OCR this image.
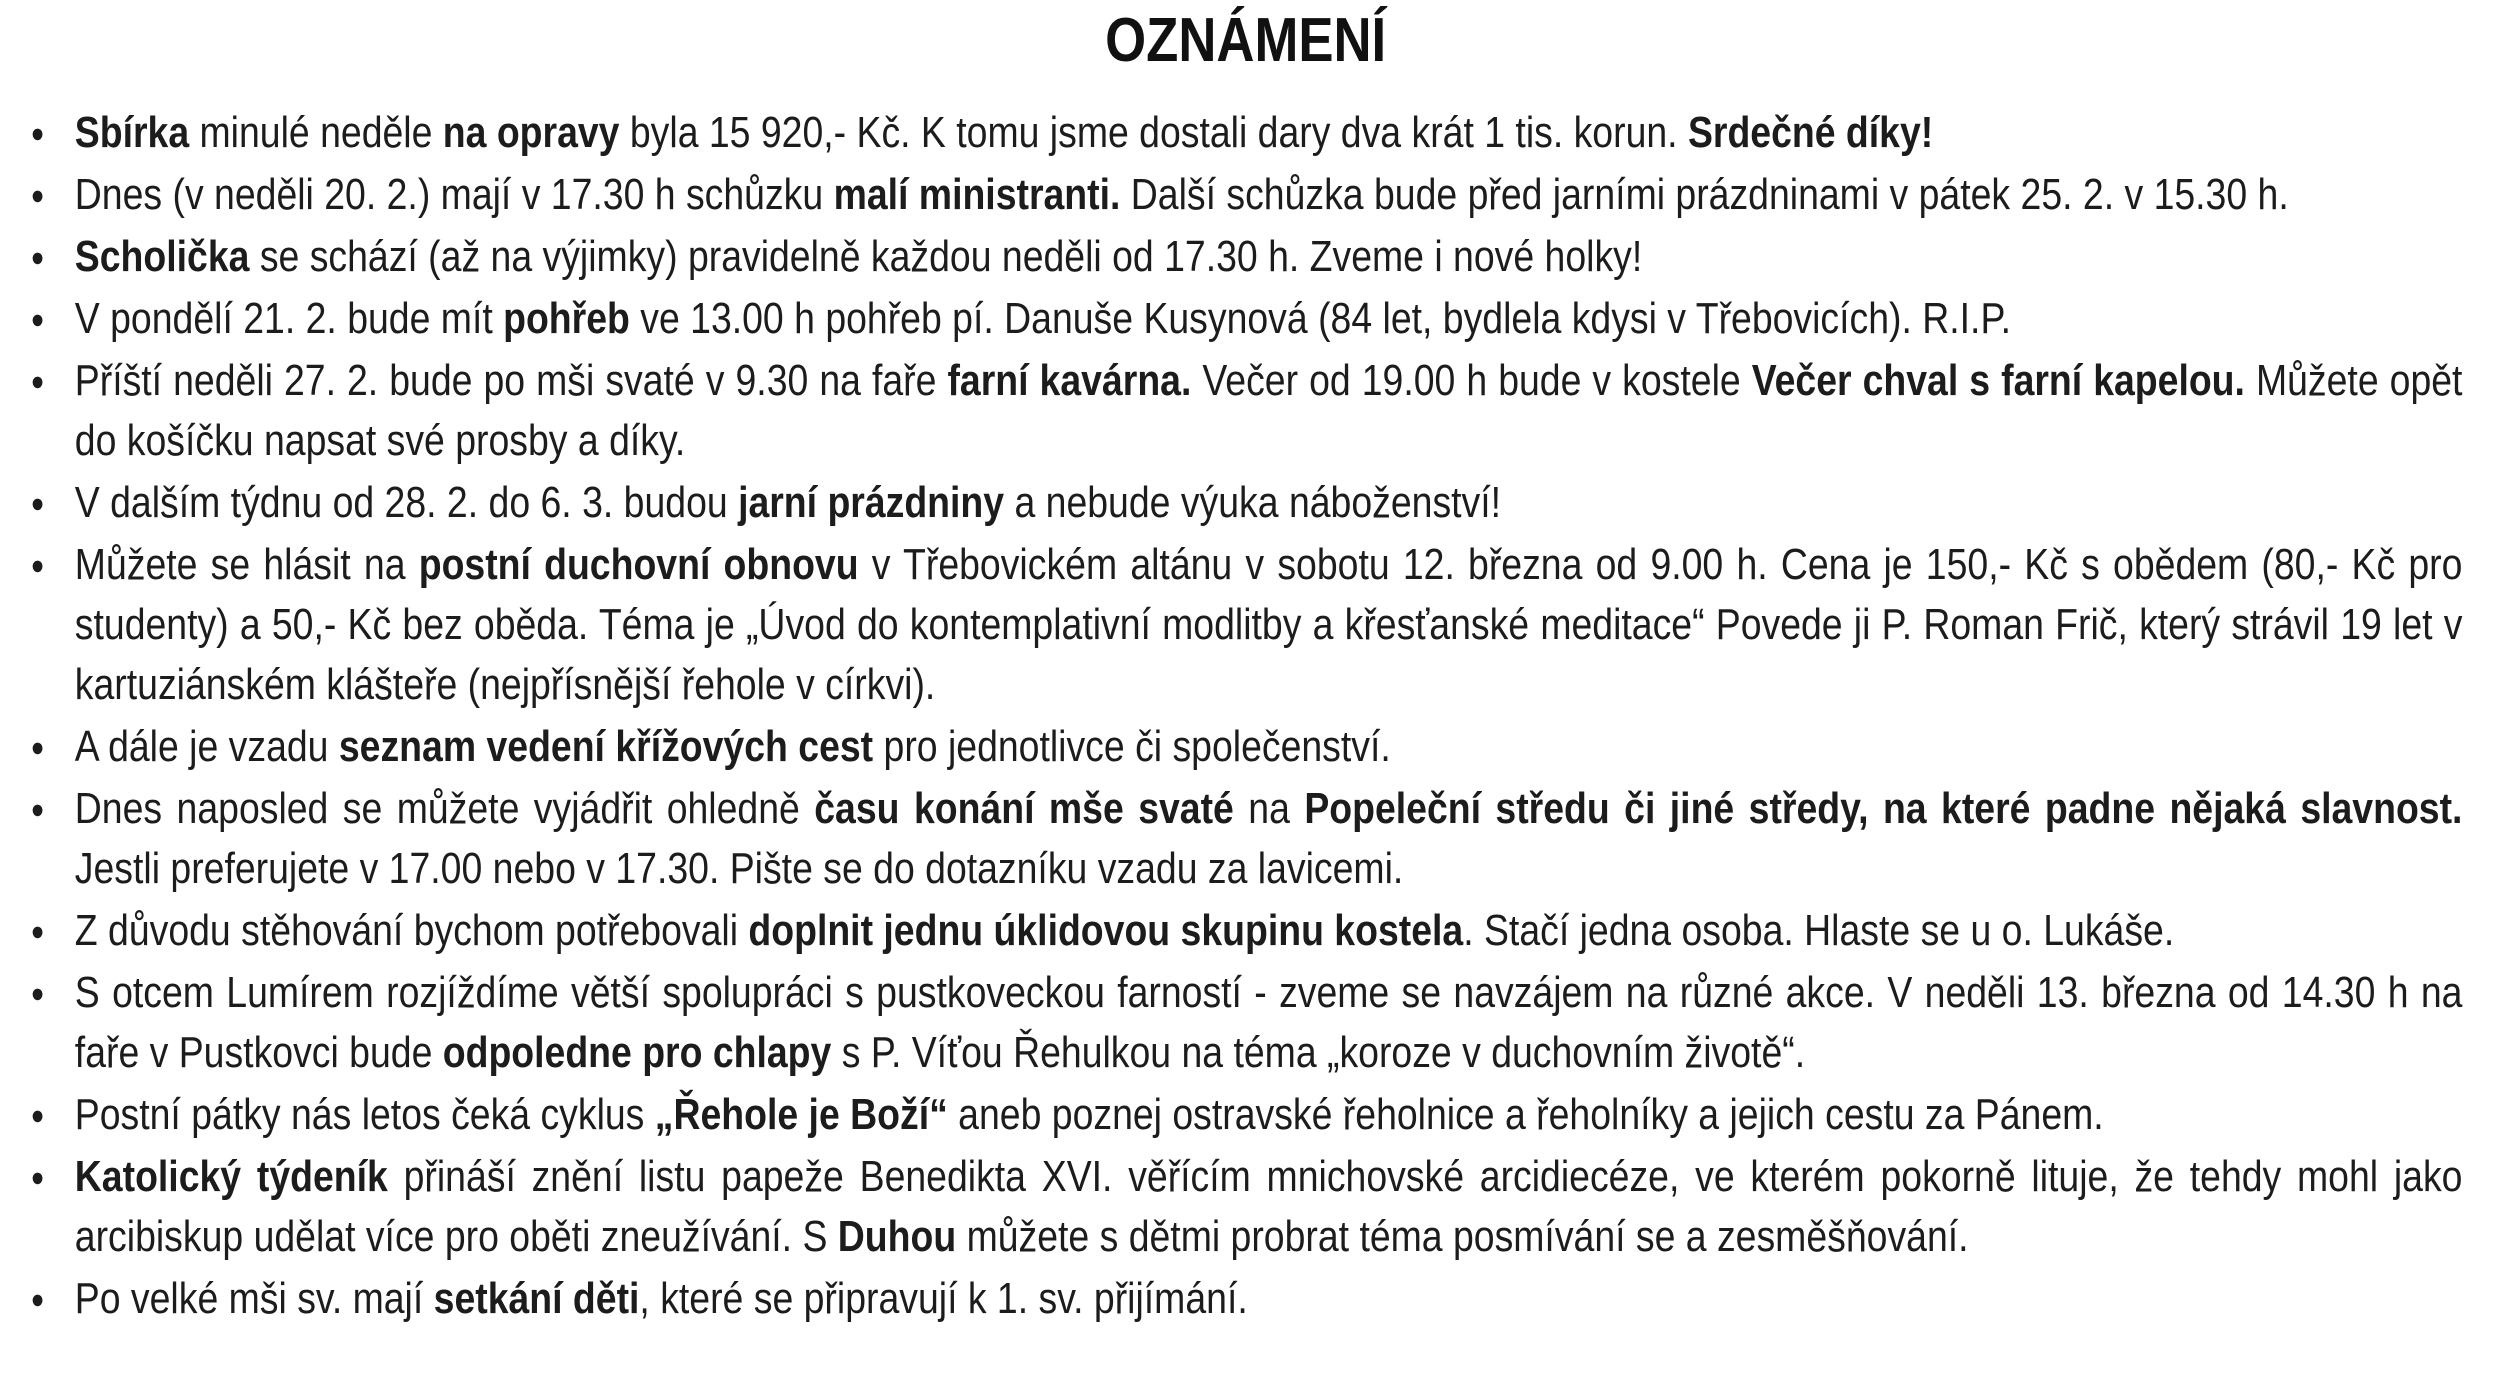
OZNÁMENÍ
● Sbírka minulé neděle na opravy byla 15 920,- Kč. K tomu jsme dostali dary dva krát 1 tis. korun. Srdečné díky!
● Dnes (v neděli 20. 2.) mají v 17.30 h schůzku malí ministranti. Další schůzka bude před jarními prázdninami v pátek 25. 2. v 15.30 h.
● Scholička se schází (až na výjimky) pravidelně každou neděli od 17.30 h. Zveme i nové holky!
● V pondělí 21. 2. bude mít pohřeb ve 13.00 h pohřeb pí. Danuše Kusynová (84 let, bydlela kdysi v Třebovicích). R.I.P.
● Příští neděli 27. 2. bude po mši svaté v 9.30 na faře farní kavárna. Večer od 19.00 h bude v kostele Večer chval s farní kapelou. Můžete opět do košíčku napsat své prosby a díky.
● V dalším týdnu od 28. 2. do 6. 3. budou jarní prázdniny a nebude výuka náboženství!
● Můžete se hlásit na postní duchovní obnovu v Třebovickém altánu v sobotu 12. března od 9.00 h. Cena je 150,- Kč s obědem (80,- Kč pro studenty) a 50,- Kč bez oběda. Téma je „Úvod do kontemplativní modlitby a křesťanské meditace“ Povede ji P. Roman Frič, který strávil 19 let v kartuziánském klášteře (nejpřísnější řehole v církvi).
● A dále je vzadu seznam vedení křížových cest pro jednotlivce či společenství.
● Dnes naposled se můžete vyjádřit ohledně času konání mše svaté na Popeleční středu či jiné středy, na které padne nějaká slavnost. Jestli preferujete v 17.00 nebo v 17.30. Pište se do dotazníku vzadu za lavicemi.
● Z důvodu stěhování bychom potřebovali doplnit jednu úklidovou skupinu kostela. Stačí jedna osoba. Hlaste se u o. Lukáše.
● S otcem Lumírem rozjíždíme větší spolupráci s pustkoveckou farností - zveme se navzájem na různé akce. V neděli 13. března od 14.30 h na faře v Pustkovci bude odpoledne pro chlapy s P. Víťou Řehulkou na téma „koroze v duchovním životě“.
● Postní pátky nás letos čeká cyklus „Řehole je Boží“ aneb poznej ostravské řeholnice a řeholníky a jejich cestu za Pánem.
● Katolický týdeník přináší znění listu papeže Benedikta XVI. věřícím mnichovské arcidiecéze, ve kterém pokorně lituje, že tehdy mohl jako arcibiskup udělat více pro oběti zneužívání. S Duhou můžete s dětmi probrat téma posmívání se a zesměšňování.
● Po velké mši sv. mají setkání děti, které se připravují k 1. sv. přijímání.
